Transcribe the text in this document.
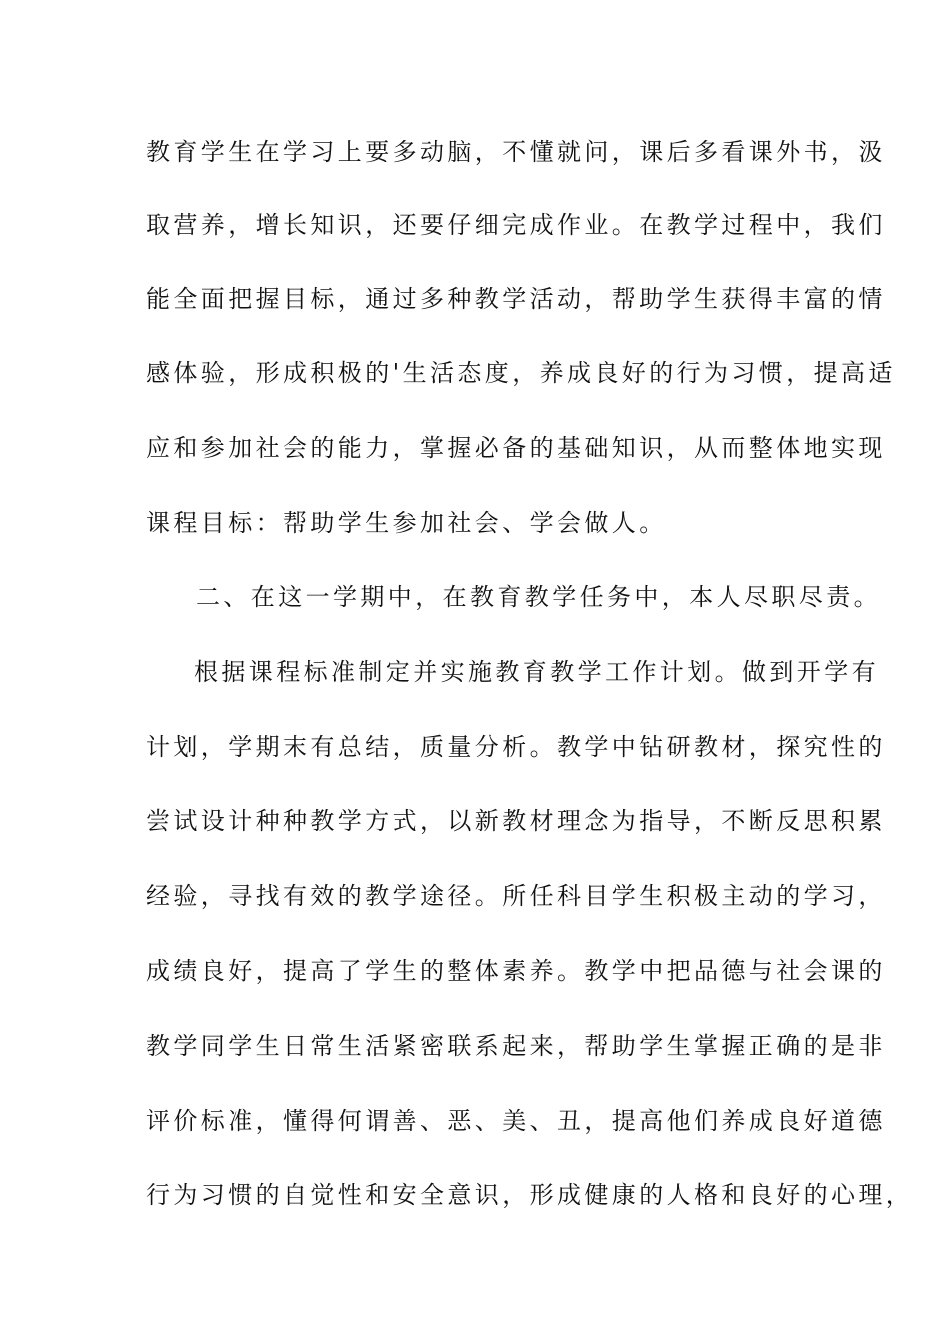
教育学生在学习上要多动脑，不懂就问，课后多看课外书，汲
取营养，增长知识，还要仔细完成作业。在教学过程中，我们
能全面把握目标，通过多种教学活动，帮助学生获得丰富的情
感体验，形成积极的'生活态度，养成良好的行为习惯，提高适
应和参加社会的能力，掌握必备的基础知识，从而整体地实现
课程目标：帮助学生参加社会、学会做人。
二、在这一学期中，在教育教学任务中，本人尽职尽责。
根据课程标准制定并实施教育教学工作计划。做到开学有
计划，学期末有总结，质量分析。教学中钻研教材，探究性的
尝试设计种种教学方式，以新教材理念为指导，不断反思积累
经验，寻找有效的教学途径。所任科目学生积极主动的学习，
成绩良好，提高了学生的整体素养。教学中把品德与社会课的
教学同学生日常生活紧密联系起来，帮助学生掌握正确的是非
评价标准，懂得何谓善、恶、美、丑，提高他们养成良好道德
行为习惯的自觉性和安全意识，形成健康的人格和良好的心理，
